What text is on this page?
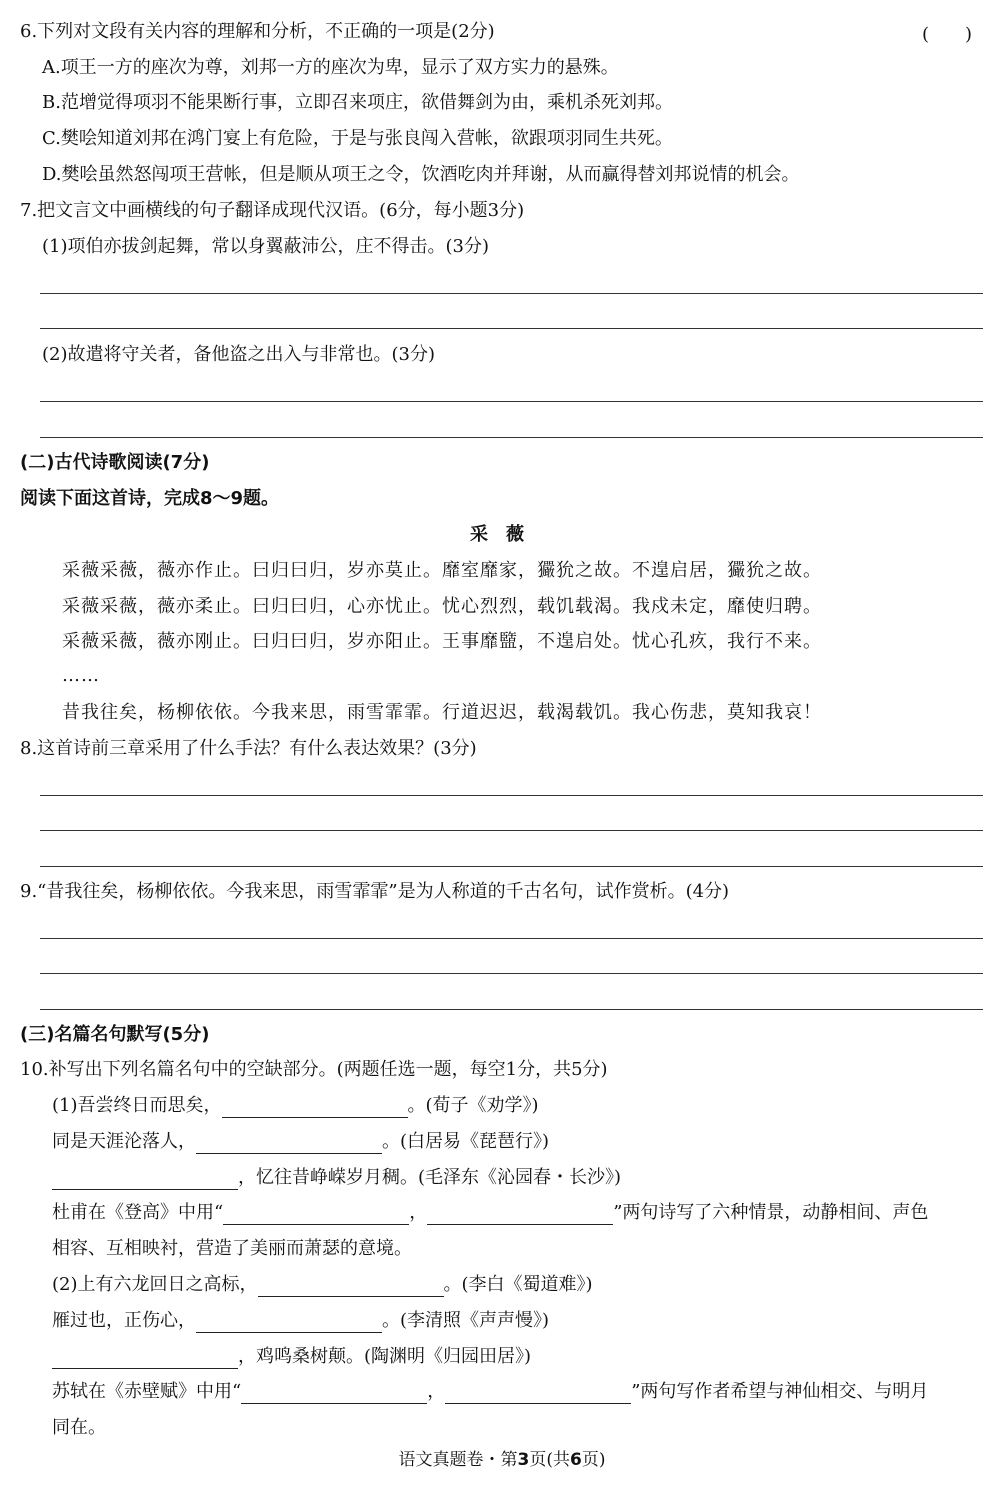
6.下列对文段有关内容的理解和分析，不正确的一项是(2分)	(　　)
A.项王一方的座次为尊，刘邦一方的座次为卑，显示了双方实力的悬殊。
B.范增觉得项羽不能果断行事，立即召来项庄，欲借舞剑为由，乘机杀死刘邦。
C.樊哙知道刘邦在鸿门宴上有危险，于是与张良闯入营帐，欲跟项羽同生共死。
D.樊哙虽然怒闯项王营帐，但是顺从项王之令，饮酒吃肉并拜谢，从而赢得替刘邦说情的机会。
7.把文言文中画横线的句子翻译成现代汉语。(6分，每小题3分)
(1)项伯亦拔剑起舞，常以身翼蔽沛公，庄不得击。(3分)
(2)故遣将守关者，备他盗之出入与非常也。(3分)
(二)古代诗歌阅读(7分)
阅读下面这首诗，完成8～9题。
采薇
采薇采薇，薇亦作止。曰归曰归，岁亦莫止。靡室靡家，玁狁之故。不遑启居，玁狁之故。
采薇采薇，薇亦柔止。曰归曰归，心亦忧止。忧心烈烈，载饥载渴。我戍未定，靡使归聘。
采薇采薇，薇亦刚止。曰归曰归，岁亦阳止。王事靡盬，不遑启处。忧心孔疚，我行不来。
……
昔我往矣，杨柳依依。今我来思，雨雪霏霏。行道迟迟，载渴载饥。我心伤悲，莫知我哀！
8.这首诗前三章采用了什么手法？有什么表达效果？(3分)
9.“昔我往矣，杨柳依依。今我来思，雨雪霏霏”是为人称道的千古名句，试作赏析。(4分)
(三)名篇名句默写(5分)
10.补写出下列名篇名句中的空缺部分。(两题任选一题，每空1分，共5分)
(1)吾尝终日而思矣，	。(荀子《劝学》)
同是天涯沦落人，	。(白居易《琵琶行》)
，忆往昔峥嵘岁月稠。(毛泽东《沁园春・长沙》)
杜甫在《登高》中用“	，	”两句诗写了六种情景，动静相间、声色
相容、互相映衬，营造了美丽而萧瑟的意境。
(2)上有六龙回日之高标，	。(李白《蜀道难》)
雁过也，正伤心，	。(李清照《声声慢》)
，鸡鸣桑树颠。(陶渊明《归园田居》)
苏轼在《赤壁赋》中用“	，	”两句写作者希望与神仙相交、与明月
同在。
语文真题卷・第3页(共6页)
